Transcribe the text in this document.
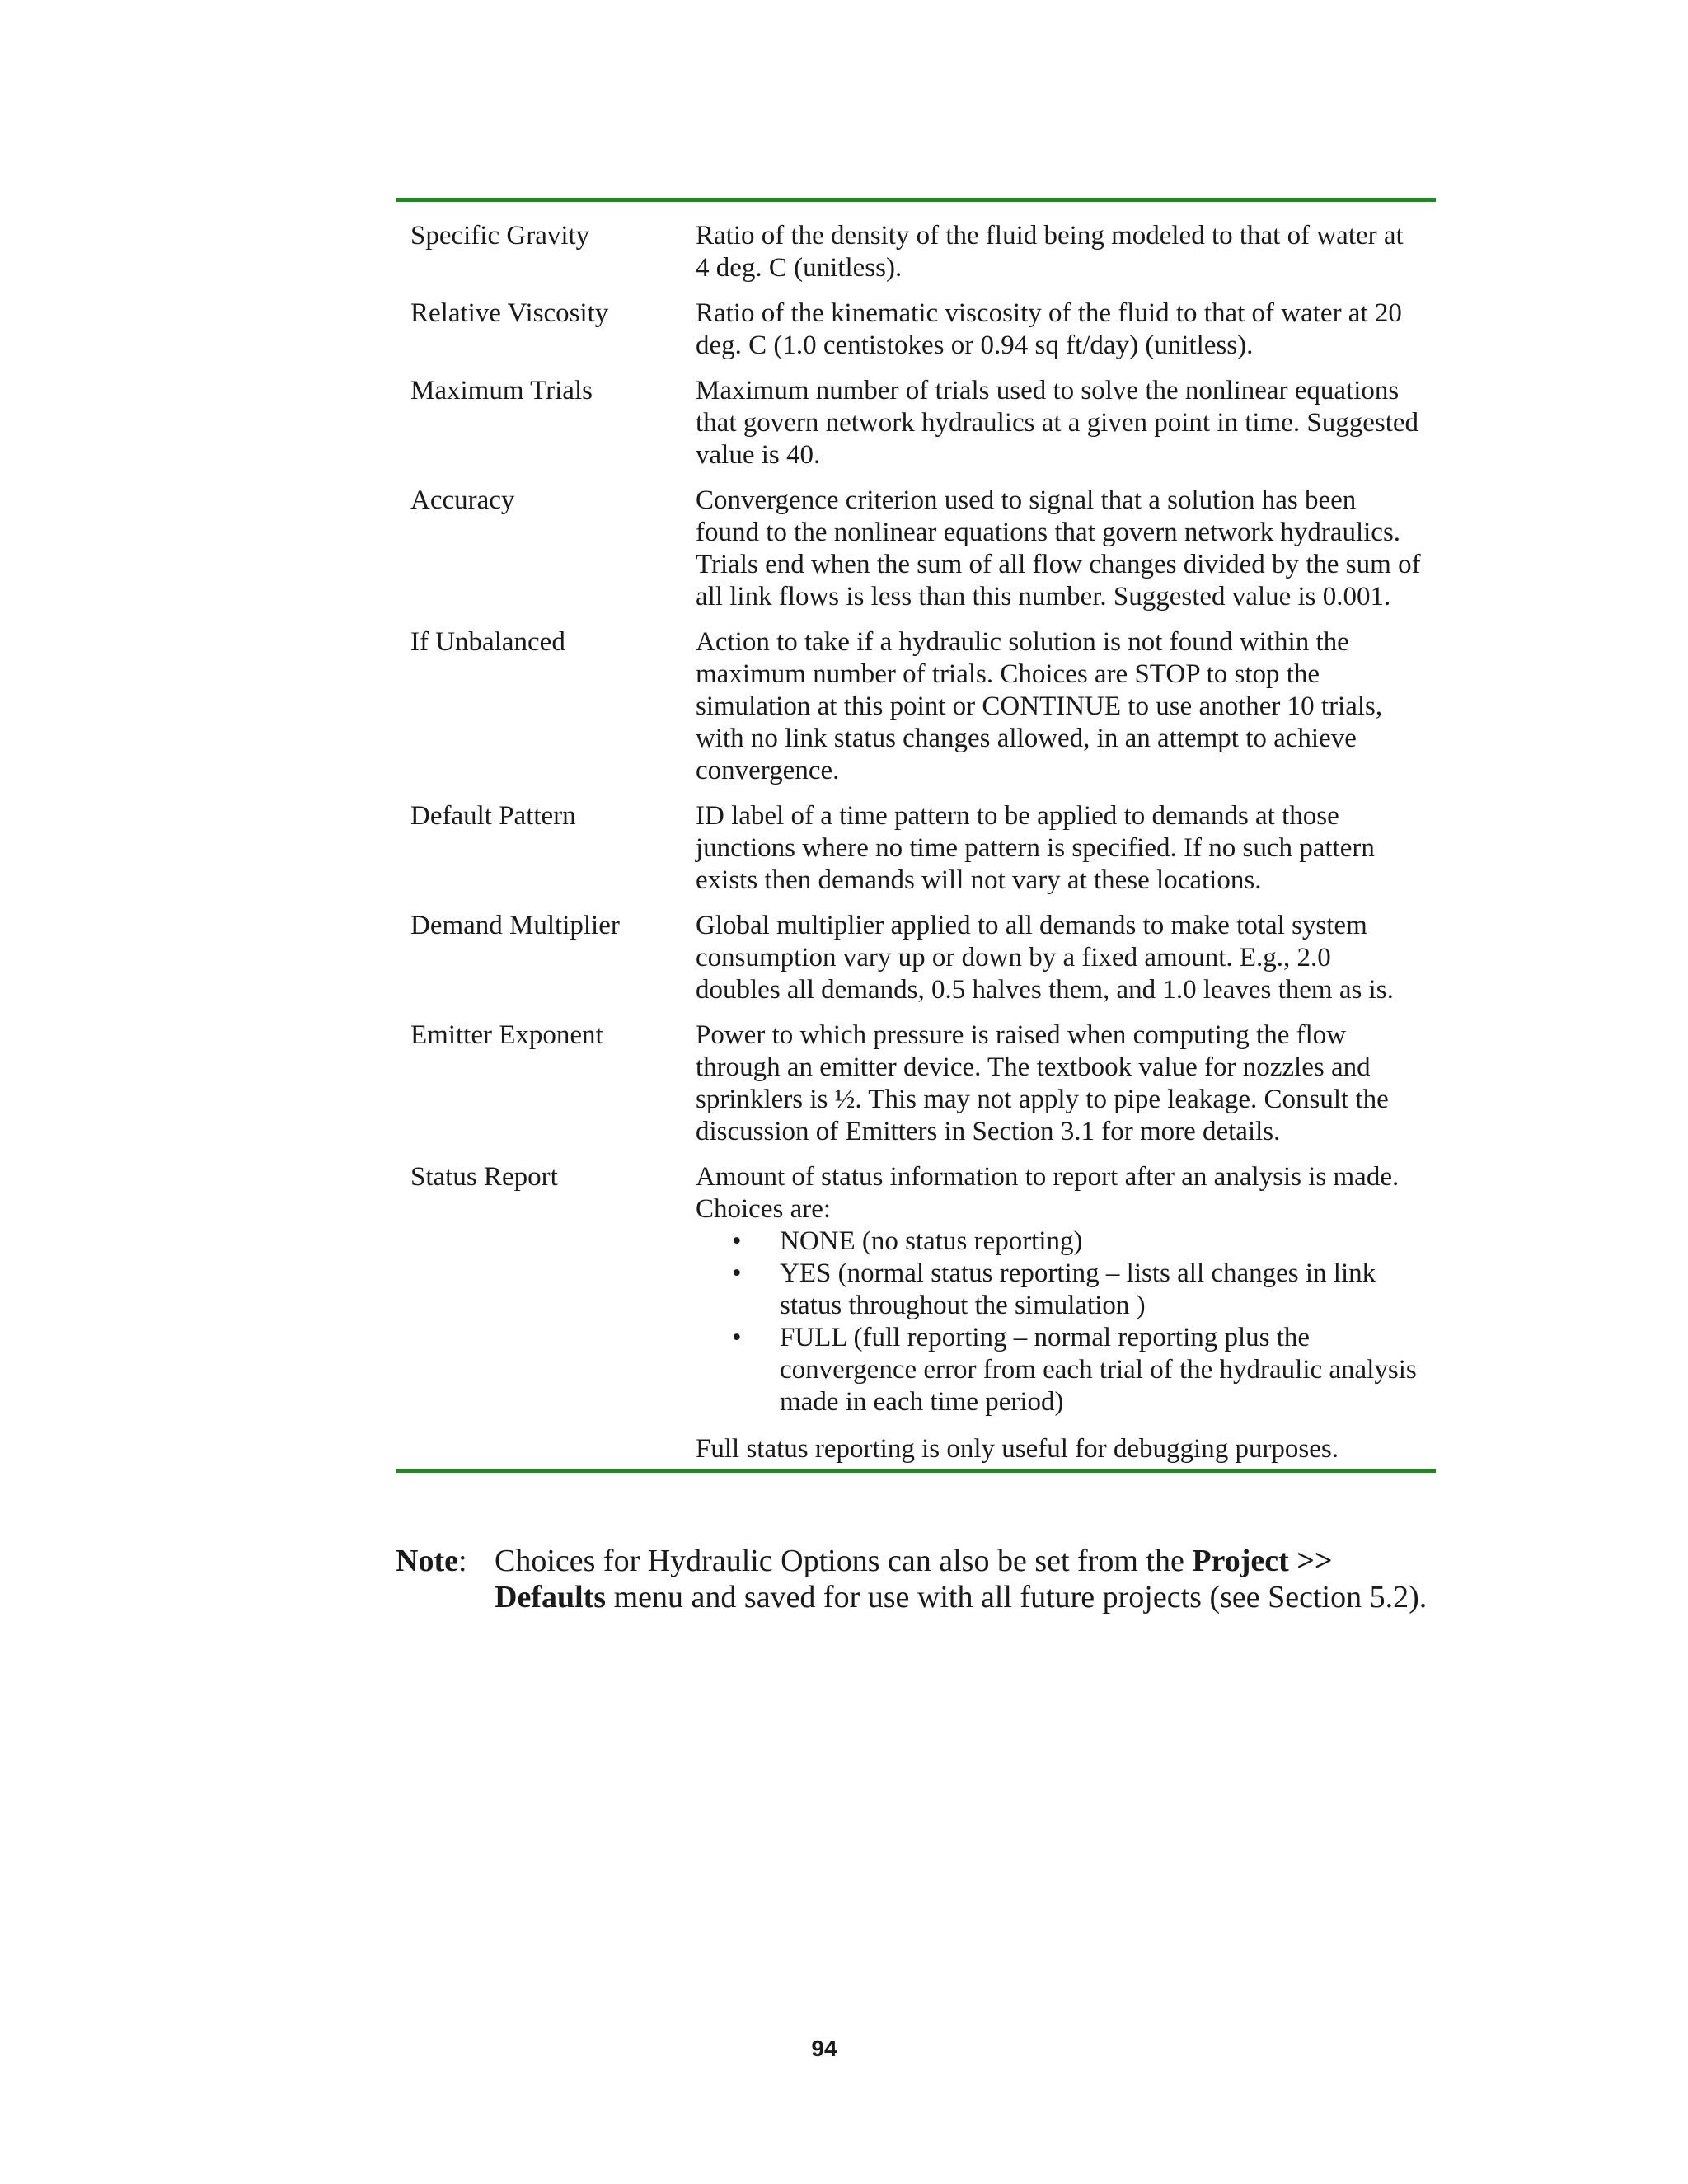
Specific Gravity	Ratio of the density of the fluid being modeled to that of water at 4 deg. C (unitless).
Relative Viscosity	Ratio of the kinematic viscosity of the fluid to that of water at 20 deg. C (1.0 centistokes or 0.94 sq ft/day) (unitless).
Maximum Trials	Maximum number of trials used to solve the nonlinear equations that govern network hydraulics at a given point in time. Suggested value is 40.
Accuracy	Convergence criterion used to signal that a solution has been found to the nonlinear equations that govern network hydraulics. Trials end when the sum of all flow changes divided by the sum of all link flows is less than this number. Suggested value is 0.001.
If Unbalanced	Action to take if a hydraulic solution is not found within the maximum number of trials. Choices are STOP to stop the simulation at this point or CONTINUE to use another 10 trials, with no link status changes allowed, in an attempt to achieve convergence.
Default Pattern	ID label of a time pattern to be applied to demands at those junctions where no time pattern is specified. If no such pattern exists then demands will not vary at these locations.
Demand Multiplier	Global multiplier applied to all demands to make total system consumption vary up or down by a fixed amount. E.g., 2.0 doubles all demands, 0.5 halves them, and 1.0 leaves them as is.
Emitter Exponent	Power to which pressure is raised when computing the flow through an emitter device. The textbook value for nozzles and sprinklers is ½. This may not apply to pipe leakage. Consult the discussion of Emitters in Section 3.1 for more details.
Status Report	Amount of status information to report after an analysis is made. Choices are:

• NONE (no status reporting)
• YES (normal status reporting – lists all changes in link status throughout the simulation )
• FULL (full reporting – normal reporting plus the convergence error from each trial of the hydraulic analysis made in each time period)

Full status reporting is only useful for debugging purposes.

Note: Choices for Hydraulic Options can also be set from the Project >> Defaults menu and saved for use with all future projects (see Section 5.2).
94
